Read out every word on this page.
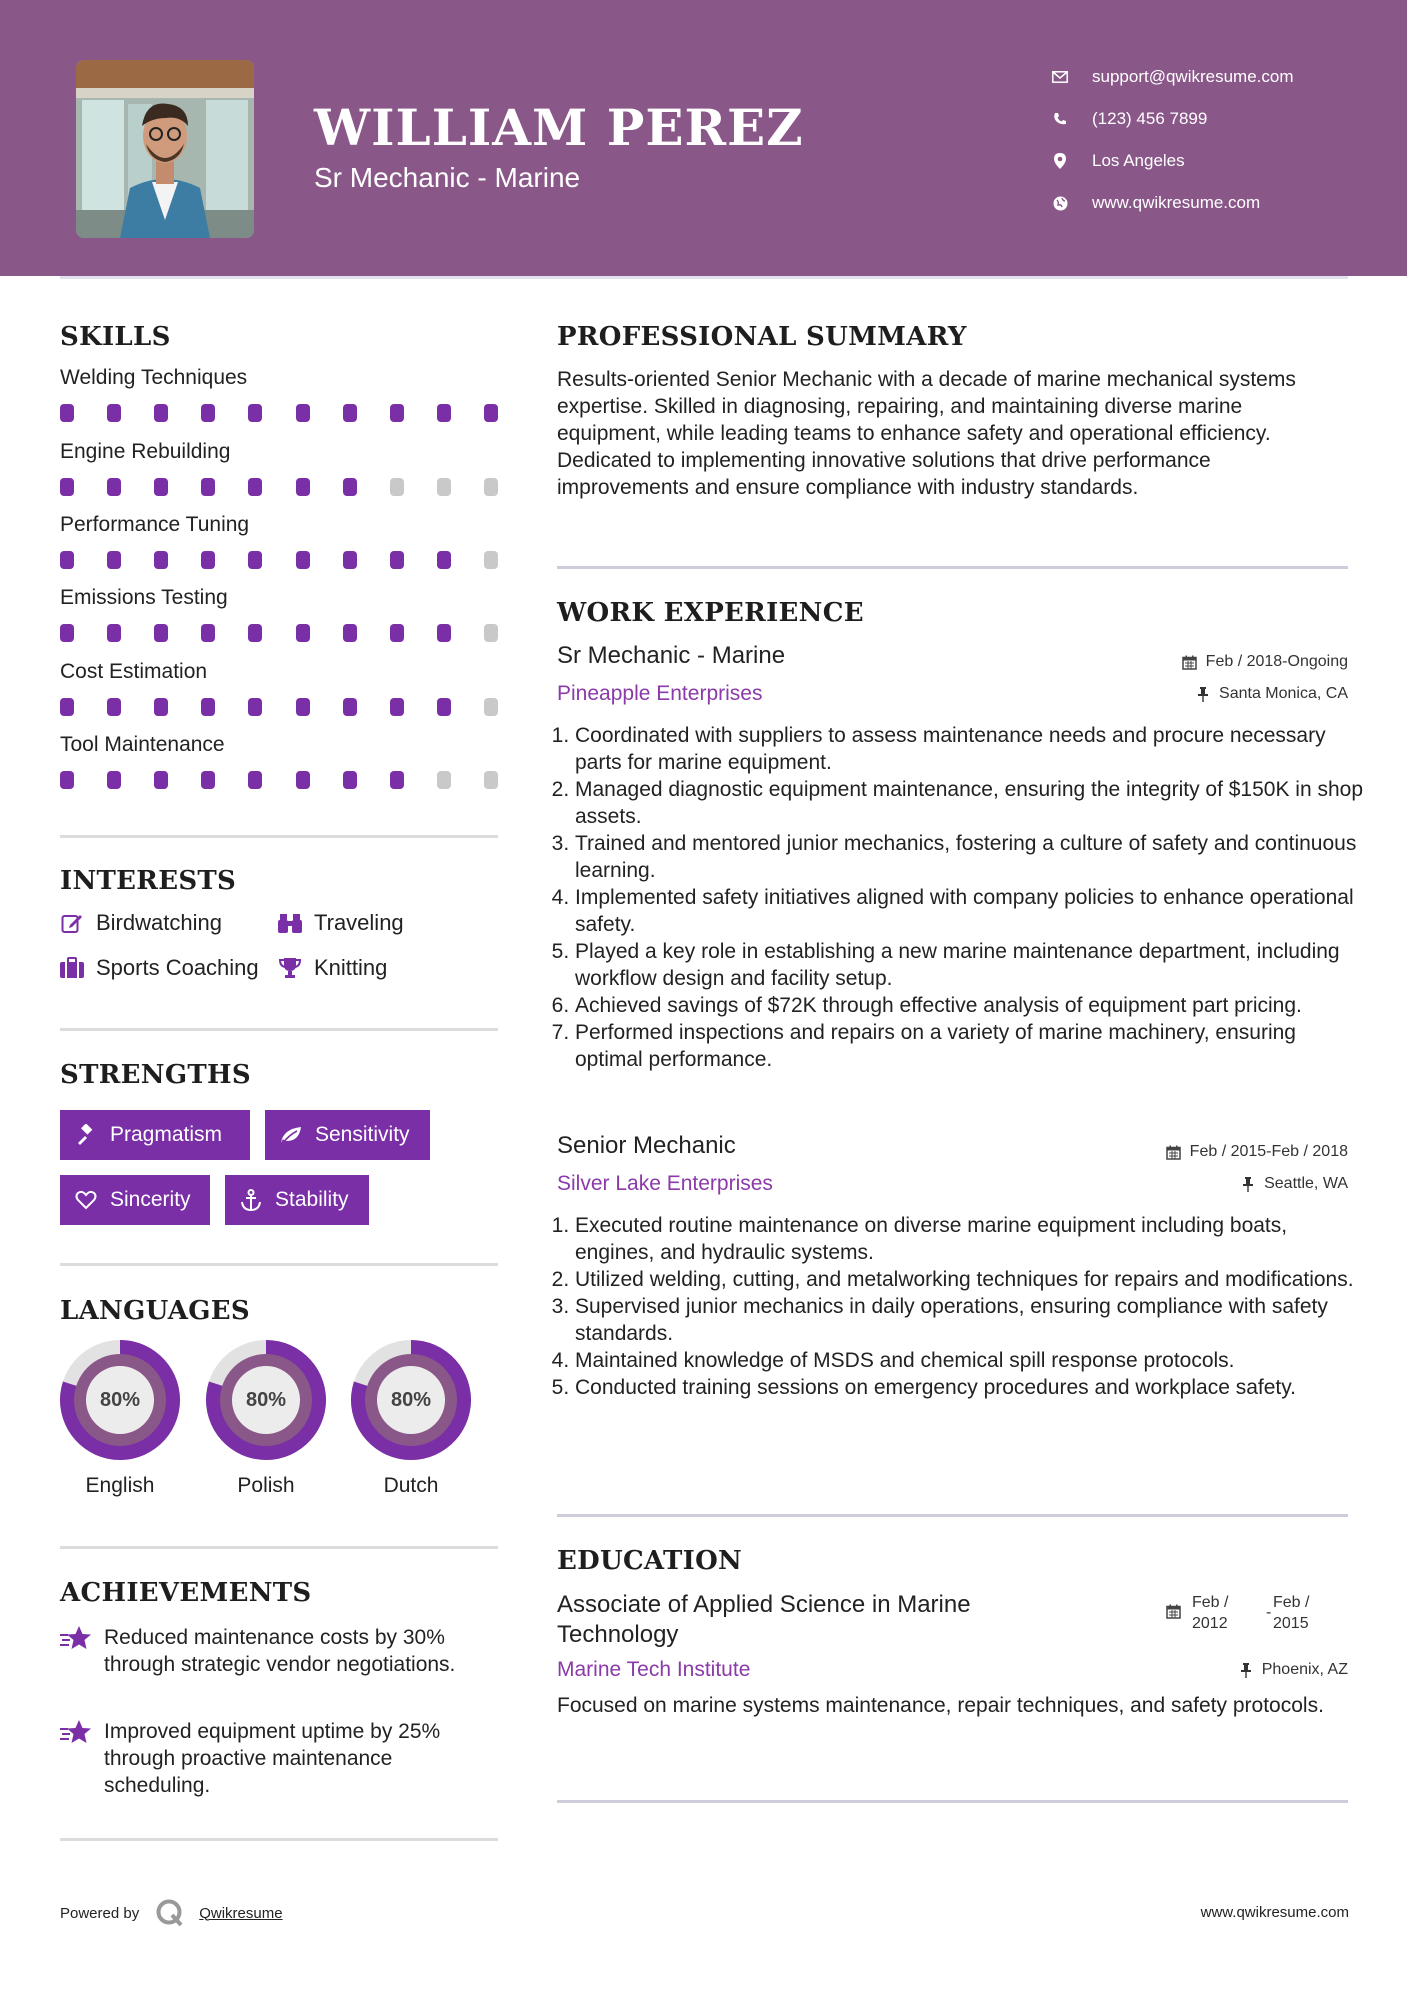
WILLIAM PEREZ
Sr Mechanic - Marine
support@qwikresume.com
(123) 456 7899
Los Angeles
www.qwikresume.com
SKILLS
Welding Techniques
Engine Rebuilding
Performance Tuning
Emissions Testing
Cost Estimation
Tool Maintenance
INTERESTS
Birdwatching	Traveling
Sports Coaching	Knitting
STRENGTHS
Pragmatism	Sensitivity
Sincerity	Stability
LANGUAGES
80%
English
80%
Polish
80%
Dutch
ACHIEVEMENTS
Reduced maintenance costs by 30% through strategic vendor negotiations.
Improved equipment uptime by 25% through proactive maintenance scheduling.
PROFESSIONAL SUMMARY
Results-oriented Senior Mechanic with a decade of marine mechanical systems expertise. Skilled in diagnosing, repairing, and maintaining diverse marine equipment, while leading teams to enhance safety and operational efficiency. Dedicated to implementing innovative solutions that drive performance improvements and ensure compliance with industry standards.
WORK EXPERIENCE
Sr Mechanic - Marine	Feb / 2018-Ongoing
Pineapple Enterprises	Santa Monica, CA
1. Coordinated with suppliers to assess maintenance needs and procure necessary parts for marine equipment.
2. Managed diagnostic equipment maintenance, ensuring the integrity of $150K in shop assets.
3. Trained and mentored junior mechanics, fostering a culture of safety and continuous learning.
4. Implemented safety initiatives aligned with company policies to enhance operational safety.
5. Played a key role in establishing a new marine maintenance department, including workflow design and facility setup.
6. Achieved savings of $72K through effective analysis of equipment part pricing.
7. Performed inspections and repairs on a variety of marine machinery, ensuring optimal performance.
Senior Mechanic	Feb / 2015-Feb / 2018
Silver Lake Enterprises	Seattle, WA
1. Executed routine maintenance on diverse marine equipment including boats, engines, and hydraulic systems.
2. Utilized welding, cutting, and metalworking techniques for repairs and modifications.
3. Supervised junior mechanics in daily operations, ensuring compliance with safety standards.
4. Maintained knowledge of MSDS and chemical spill response protocols.
5. Conducted training sessions on emergency procedures and workplace safety.
EDUCATION
Associate of Applied Science in Marine
Technology
Feb /
2012
-
Feb /
2015
Marine Tech Institute	Phoenix, AZ
Focused on marine systems maintenance, repair techniques, and safety protocols.
Powered by	Qwikresume	www.qwikresume.com
